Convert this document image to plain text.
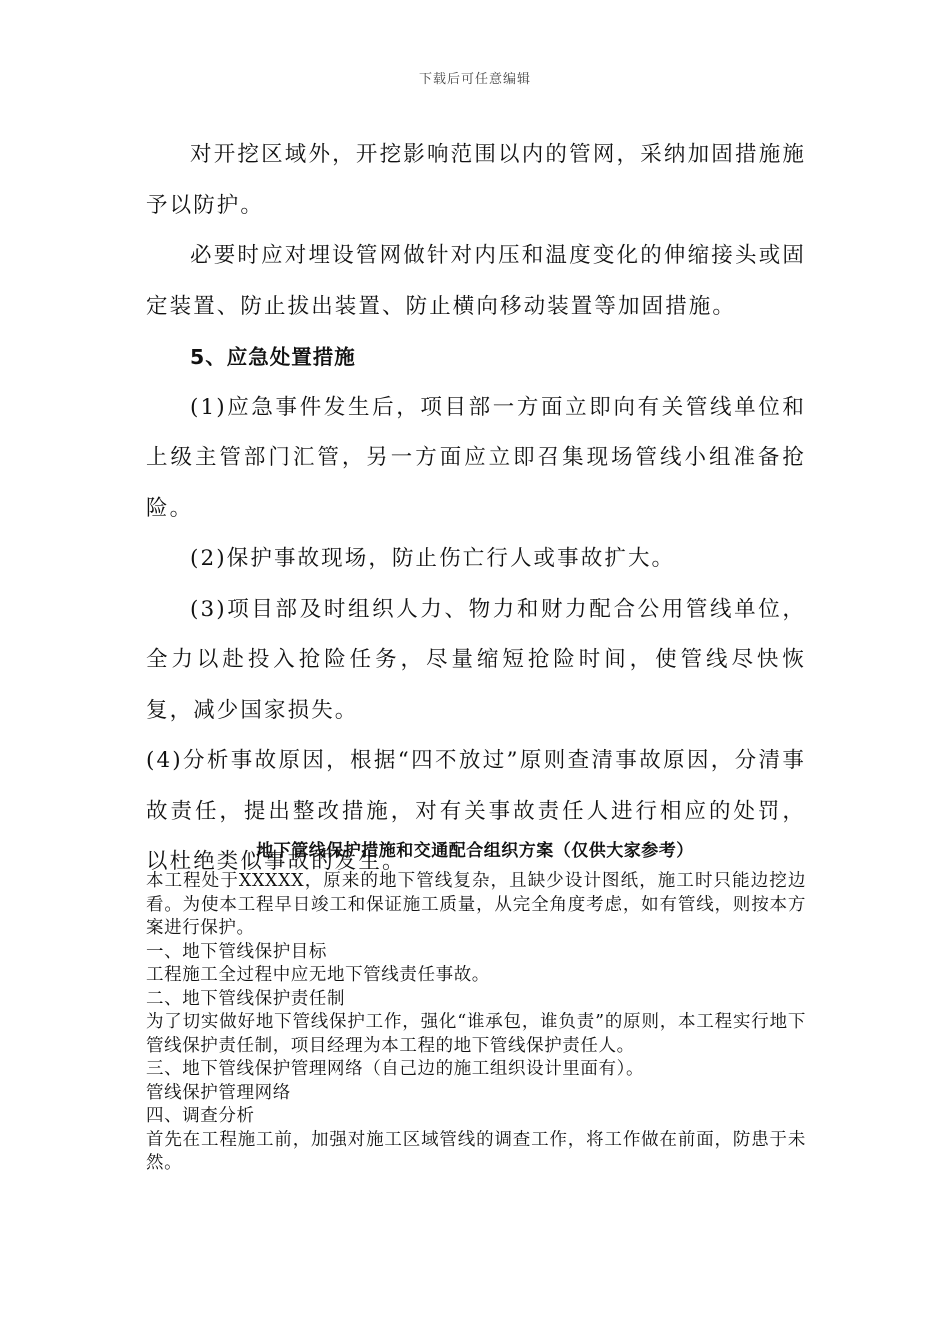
下载后可任意编辑

对开挖区域外，开挖影响范围以内的管网，采纳加固措施施予以防护。

必要时应对埋设管网做针对内压和温度变化的伸缩接头或固定装置、防止拔出装置、防止横向移动装置等加固措施。

5、应急处置措施

(1)应急事件发生后，项目部一方面立即向有关管线单位和上级主管部门汇管，另一方面应立即召集现场管线小组准备抢险。

(2)保护事故现场，防止伤亡行人或事故扩大。

(3)项目部及时组织人力、物力和财力配合公用管线单位，全力以赴投入抢险任务，尽量缩短抢险时间，使管线尽快恢复，减少国家损失。

(4)分析事故原因，根据“四不放过”原则查清事故原因，分清事故责任，提出整改措施，对有关事故责任人进行相应的处罚，以杜绝类似事故的发生。

地下管线保护措施和交通配合组织方案（仅供大家参考）

本工程处于XXXXX，原来的地下管线复杂，且缺少设计图纸，施工时只能边挖边看。为使本工程早日竣工和保证施工质量，从完全角度考虑，如有管线，则按本方案进行保护。

一、地下管线保护目标

工程施工全过程中应无地下管线责任事故。

二、地下管线保护责任制

为了切实做好地下管线保护工作，强化“谁承包，谁负责”的原则，本工程实行地下管线保护责任制，项目经理为本工程的地下管线保护责任人。

三、地下管线保护管理网络（自己边的施工组织设计里面有）。

管线保护管理网络

四、调查分析

首先在工程施工前，加强对施工区域管线的调查工作，将工作做在前面，防患于未然。
